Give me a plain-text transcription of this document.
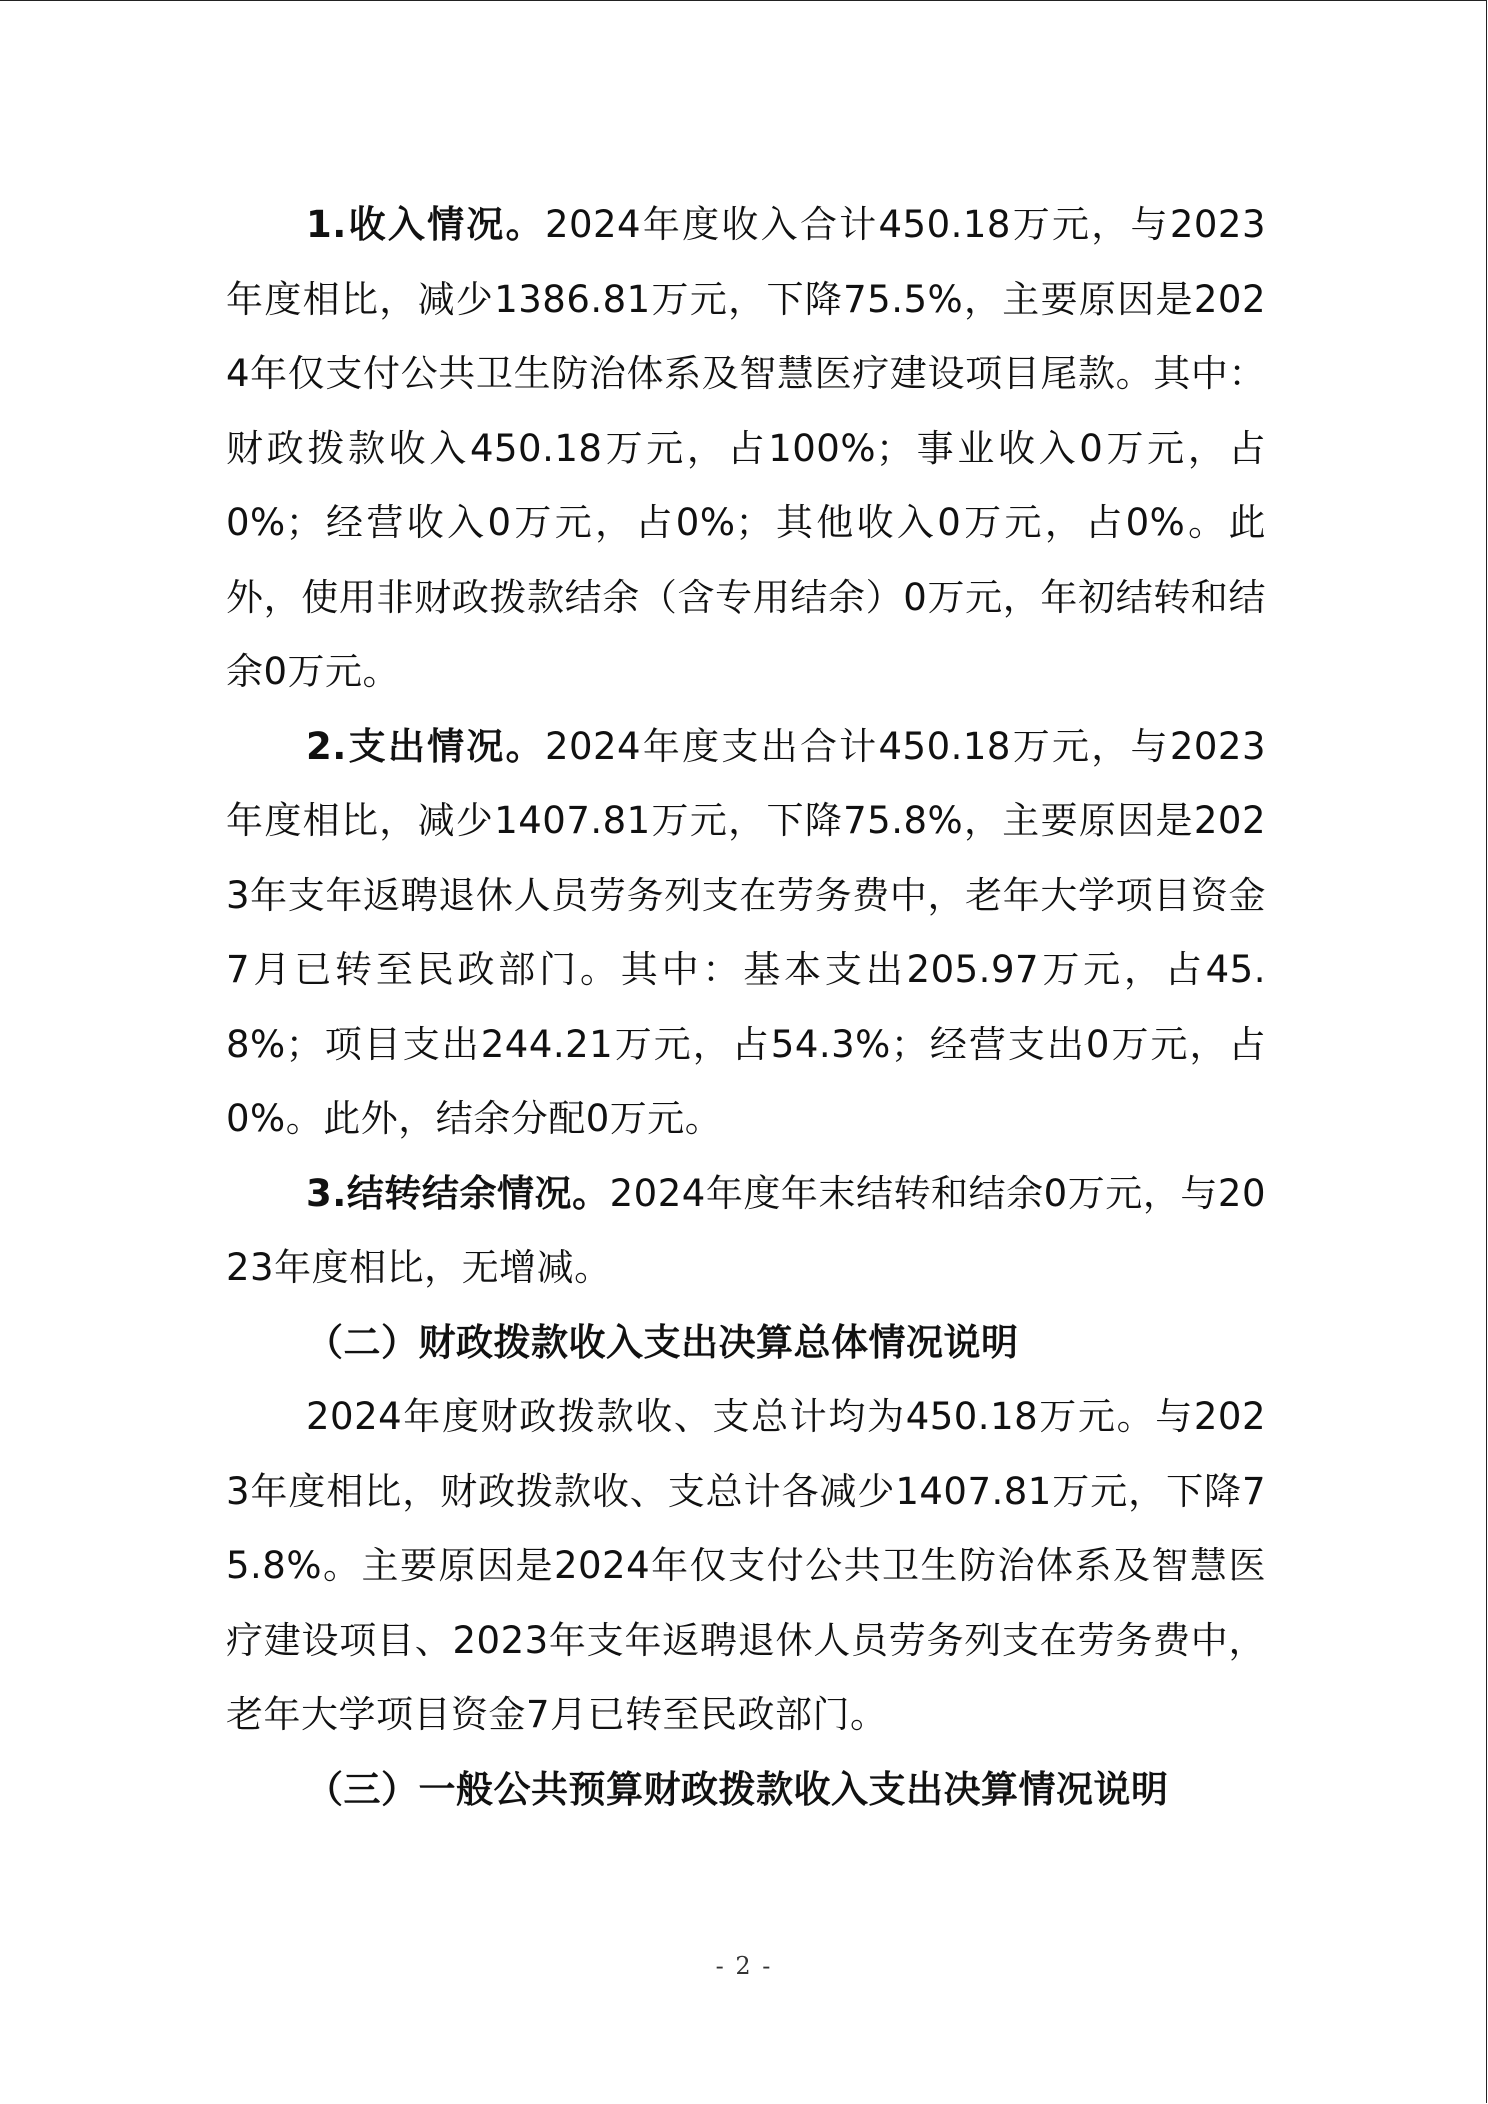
1.收入情况。2024年度收入合计450.18万元，与2023年度相比，减少1386.81万元，下降75.5%，主要原因是2024年仅支付公共卫生防治体系及智慧医疗建设项目尾款。其中：财政拨款收入450.18万元，占100%；事业收入0万元，占0%；经营收入0万元，占0%；其他收入0万元，占0%。此外，使用非财政拨款结余（含专用结余）0万元，年初结转和结余0万元。

2.支出情况。2024年度支出合计450.18万元，与2023年度相比，减少1407.81万元，下降75.8%，主要原因是2023年支年返聘退休人员劳务列支在劳务费中，老年大学项目资金7月已转至民政部门。其中：基本支出205.97万元，占45.8%；项目支出244.21万元，占54.3%；经营支出0万元，占0%。此外，结余分配0万元。

3.结转结余情况。2024年度年末结转和结余0万元，与2023年度相比，无增减。

（二）财政拨款收入支出决算总体情况说明

2024年度财政拨款收、支总计均为450.18万元。与2023年度相比，财政拨款收、支总计各减少1407.81万元，下降75.8%。主要原因是2024年仅支付公共卫生防治体系及智慧医疗建设项目、2023年支年返聘退休人员劳务列支在劳务费中，老年大学项目资金7月已转至民政部门。

（三）一般公共预算财政拨款收入支出决算情况说明
- 2 -
